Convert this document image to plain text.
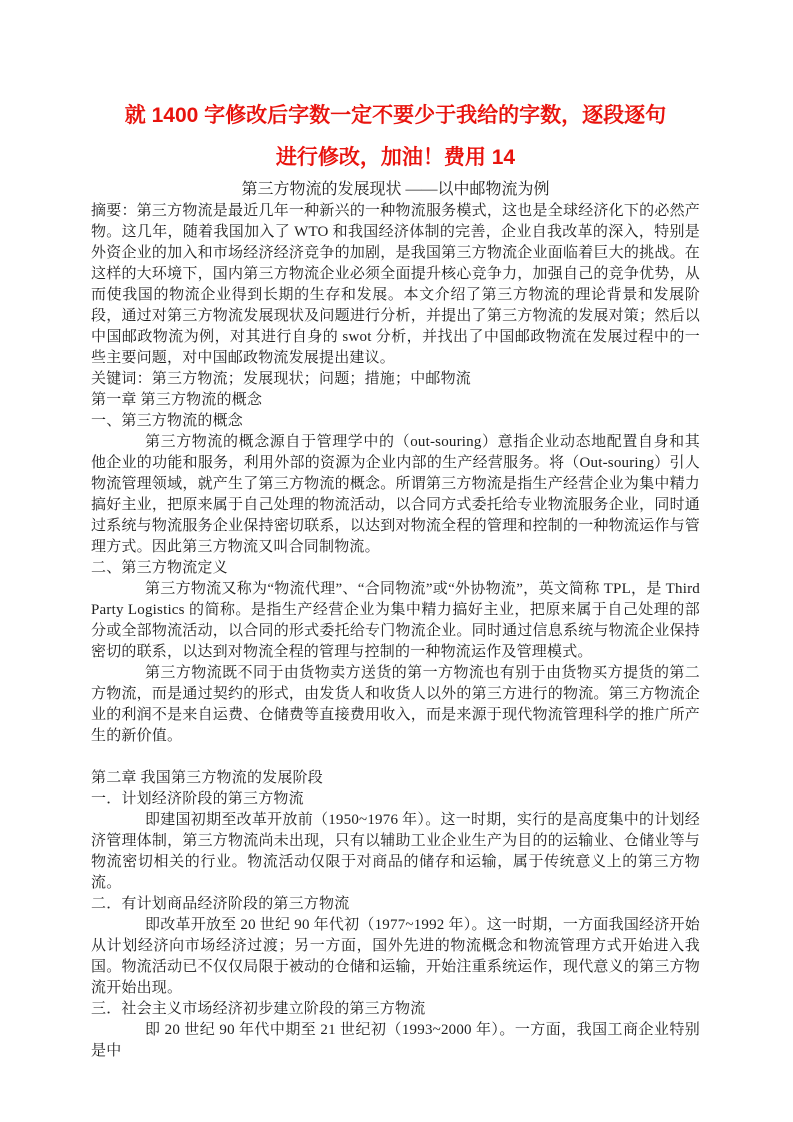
就 1400 字修改后字数一定不要少于我给的字数，逐段逐句
进行修改，加油！费用 14
第三方物流的发展现状 ——以中邮物流为例

摘要：第三方物流是最近几年一种新兴的一种物流服务模式，这也是全球经济化下的必然产物。这几年，随着我国加入了 WTO 和我国经济体制的完善，企业自我改革的深入，特别是外资企业的加入和市场经济经济竞争的加剧，是我国第三方物流企业面临着巨大的挑战。在这样的大环境下，国内第三方物流企业必须全面提升核心竞争力，加强自己的竞争优势，从而使我国的物流企业得到长期的生存和发展。本文介绍了第三方物流的理论背景和发展阶段，通过对第三方物流发展现状及问题进行分析，并提出了第三方物流的发展对策；然后以中国邮政物流为例，对其进行自身的 swot 分析，并找出了中国邮政物流在发展过程中的一些主要问题，对中国邮政物流发展提出建议。

关键词：第三方物流；发展现状；问题；措施；中邮物流

第一章 第三方物流的概念

一、第三方物流的概念

第三方物流的概念源自于管理学中的（out-souring）意指企业动态地配置自身和其他企业的功能和服务，利用外部的资源为企业内部的生产经营服务。将（Out-souring）引人物流管理领域，就产生了第三方物流的概念。所谓第三方物流是指生产经营企业为集中精力搞好主业，把原来属于自己处理的物流活动，以合同方式委托给专业物流服务企业，同时通过系统与物流服务企业保持密切联系，以达到对物流全程的管理和控制的一种物流运作与管理方式。因此第三方物流又叫合同制物流。

二、第三方物流定义

第三方物流又称为“物流代理”、“合同物流”或“外协物流”，英文简称 TPL，是 Third Party Logistics 的简称。是指生产经营企业为集中精力搞好主业，把原来属于自己处理的部分或全部物流活动，以合同的形式委托给专门物流企业。同时通过信息系统与物流企业保持密切的联系，以达到对物流全程的管理与控制的一种物流运作及管理模式。

第三方物流既不同于由货物卖方送货的第一方物流也有别于由货物买方提货的第二方物流，而是通过契约的形式，由发货人和收货人以外的第三方进行的物流。第三方物流企业的利润不是来自运费、仓储费等直接费用收入，而是来源于现代物流管理科学的推广所产生的新价值。

第二章 我国第三方物流的发展阶段

一．计划经济阶段的第三方物流

即建国初期至改革开放前（1950~1976 年）。这一时期，实行的是高度集中的计划经济管理体制，第三方物流尚未出现，只有以辅助工业企业生产为目的的运输业、仓储业等与物流密切相关的行业。物流活动仅限于对商品的储存和运输，属于传统意义上的第三方物流。

二．有计划商品经济阶段的第三方物流

即改革开放至 20 世纪 90 年代初（1977~1992 年）。这一时期，一方面我国经济开始从计划经济向市场经济过渡；另一方面，国外先进的物流概念和物流管理方式开始进入我国。物流活动已不仅仅局限于被动的仓储和运输，开始注重系统运作，现代意义的第三方物流开始出现。

三．社会主义市场经济初步建立阶段的第三方物流

即 20 世纪 90 年代中期至 21 世纪初（1993~2000 年）。一方面，我国工商企业特别是中
